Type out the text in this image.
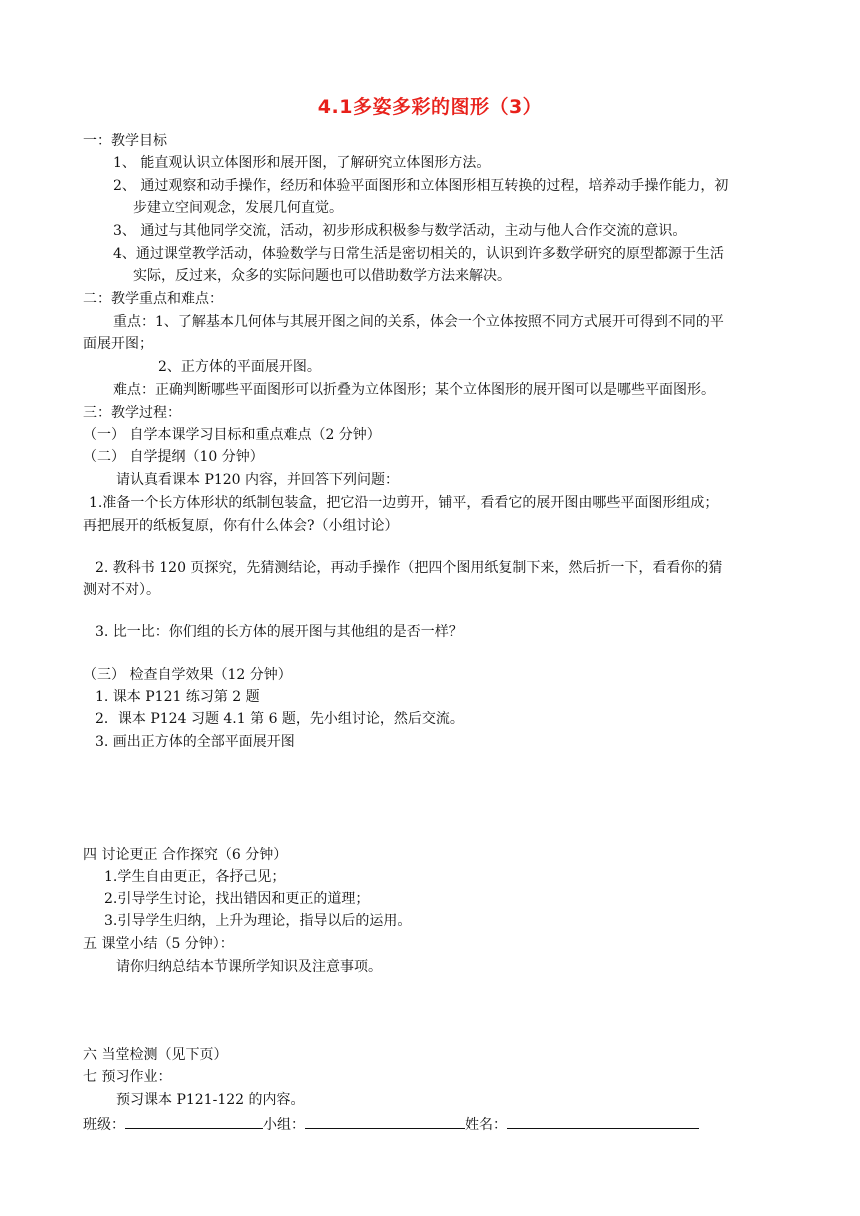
4.1多姿多彩的图形（3）
一：教学目标
1、 能直观认识立体图形和展开图，了解研究立体图形方法。
2、 通过观察和动手操作，经历和体验平面图形和立体图形相互转换的过程，培养动手操作能力，初
步建立空间观念，发展几何直觉。
3、 通过与其他同学交流，活动，初步形成积极参与数学活动，主动与他人合作交流的意识。
4、通过课堂教学活动，体验数学与日常生活是密切相关的，认识到许多数学研究的原型都源于生活
实际，反过来，众多的实际问题也可以借助数学方法来解决。
二：教学重点和难点：
重点：1、了解基本几何体与其展开图之间的关系，体会一个立体按照不同方式展开可得到不同的平
面展开图；
2、正方体的平面展开图。
难点：正确判断哪些平面图形可以折叠为立体图形；某个立体图形的展开图可以是哪些平面图形。
三：教学过程：
（一） 自学本课学习目标和重点难点（2 分钟）
（二） 自学提纲（10 分钟）
请认真看课本 P120 内容，并回答下列问题：
1.准备一个长方体形状的纸制包装盒，把它沿一边剪开，铺平，看看它的展开图由哪些平面图形组成；
再把展开的纸板复原，你有什么体会?（小组讨论）
2. 教科书 120 页探究，先猜测结论，再动手操作（把四个图用纸复制下来，然后折一下，看看你的猜
测对不对）。
3. 比一比：你们组的长方体的展开图与其他组的是否一样？
（三） 检查自学效果（12 分钟）
1. 课本 P121 练习第 2 题
2．课本 P124 习题 4.1 第 6 题，先小组讨论，然后交流。
3. 画出正方体的全部平面展开图
四 讨论更正 合作探究（6 分钟）
1.学生自由更正，各抒己见；
2.引导学生讨论，找出错因和更正的道理；
3.引导学生归纳，上升为理论，指导以后的运用。
五 课堂小结（5 分钟）：
请你归纳总结本节课所学知识及注意事项。
六 当堂检测（见下页）
七 预习作业：
预习课本 P121-122 的内容。
班级：	小组：	姓名：
